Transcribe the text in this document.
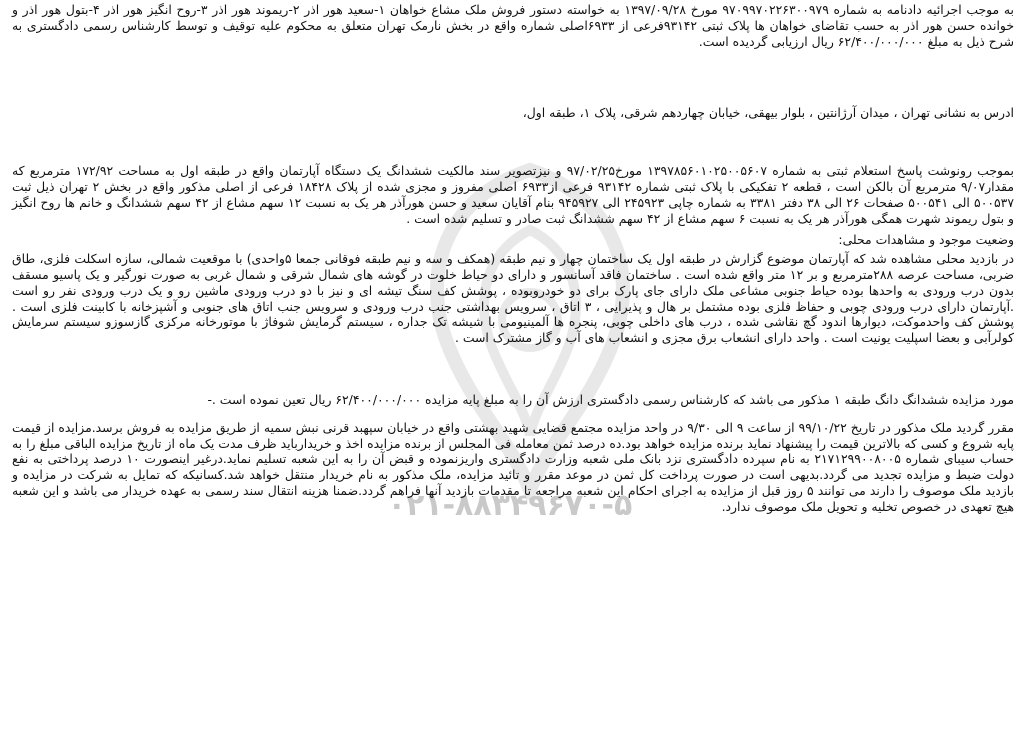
۰۲۱-۸۸۳۴۹۶۷۰-۵

به موجب اجرائیه دادنامه به شماره ۹۷۰۹۹۷۰۲۲۶۳۰۰۹۷۹ مورخ ۱۳۹۷/۰۹/۲۸ به خواسته دستور فروش ملک مشاع خواهان ۱-سعید هور اذر ۲-ریموند هور اذر ۳-روح انگیز هور اذر ۴-بتول هور اذر و خوانده حسن هور اذر به حسب تقاضای خواهان ها پلاک ثبتی ۹۳۱۴۲فرعی از ۶۹۳۳اصلی شماره واقع در بخش نارمک تهران متعلق به محکوم علیه توقیف و توسط کارشناس رسمی دادگستری به شرح ذیل به مبلغ ۶۲/۴۰۰/۰۰۰/۰۰۰ ریال ارزیابی گردیده است.

ادرس به نشانی تهران ، میدان آرژانتین ، بلوار بیهقی، خیابان چهاردهم شرقی، پلاک ۱، طبقه اول،

بموجب رونوشت پاسخ استعلام ثبتی به شماره ۱۳۹۷۸۵۶۰۱۰۲۵۰۰۵۶۰۷ مورخ۹۷/۰۲/۲۵ و نیزتصویر سند مالکیت ششدانگ یک دستگاه آپارتمان واقع در طبقه اول به مساحت ۱۷۲/۹۲ مترمربع که مقدار۹/۰۷ مترمربع آن بالکن است ، قطعه ۲ تفکیکی با پلاک ثبتی شماره ۹۳۱۴۲ فرعی از۶۹۳۳ اصلی مفروز و مجزی شده از پلاک ۱۸۴۲۸ فرعی از اصلی مذکور واقع در بخش ۲ تهران ذیل ثبت ۵۰۰۵۳۷ الی ۵۰۰۵۴۱ صفحات ۲۶ الی ۳۸ دفتر ۳۳۸۱ به شماره چاپی ۲۴۵۹۲۳ الی ۹۴۵۹۲۷ بنام آقایان سعید و حسن هورآذر هر یک به نسبت ۱۲ سهم مشاع از ۴۲ سهم ششدانگ و خانم ها روح انگیز و بتول ریموند شهرت همگی هورآذر هر یک به نسبت ۶ سهم مشاع از ۴۲ سهم ششدانگ ثبت صادر و تسلیم شده است .

وضعیت موجود و مشاهدات محلی:

در بازدید محلی مشاهده شد که آپارتمان موضوع گزارش در طبقه اول یک ساختمان چهار و نیم طبقه (همکف و سه و نیم طبقه فوقانی جمعا ۵واحدی) با موقعیت شمالی، سازه اسکلت فلزی، طاق ضربی، مساحت عرصه ۲۸۸مترمربع و بر ۱۲ متر واقع شده است . ساختمان فاقد آسانسور و دارای دو حیاط خلوت در گوشه های شمال شرقی و شمال غربی به صورت نورگیر و یک پاسیو مسقف بدون درب ورودی به واحدها بوده حیاط جنوبی مشاعی ملک دارای جای پارک برای دو خودروبوده ، پوشش کف سنگ تیشه ای و نیز با دو درب ورودی ماشین رو و یک درب ورودی نفر رو است .آپارتمان دارای درب ورودی چوبی و حفاظ فلزی بوده مشتمل بر هال و پذیرایی ، ۳ اتاق ، سرویس بهداشتی جنب درب ورودی و سرویس جنب اتاق های جنوبی و آشپزخانه با کابینت فلزی است . پوشش کف واحدموکت، دیوارها اندود گچ نقاشی شده ، درب های داخلی چوبی، پنجره ها آلمینیومی با شیشه تک جداره ، سیستم گرمایش شوفاژ با موتورخانه مرکزی گازسوزو سیستم سرمایش کولرآبی و بعضا اسپلیت یونیت است . واحد دارای انشعاب برق مجزی و انشعاب های آب و گاز مشترک است .

مورد مزایده ششدانگ دانگ طبقه ۱ مذکور می باشد که کارشناس رسمی دادگستری ارزش آن را به مبلغ پایه مزایده ۶۲/۴۰۰/۰۰۰/۰۰۰ ریال تعین نموده است .-

مقرر گردید ملک مذکور در تاریخ ۹۹/۱۰/۲۲ از ساعت ۹ الی ۹/۳۰ در واحد مزایده مجتمع قضایی شهید بهشتی واقع در خیابان سپهبد قرنی نبش سمیه از طریق مزایده به فروش برسد.مزایده از قیمت پایه شروع و کسی که بالاترین قیمت را پیشنهاد نماید برنده مزایده خواهد بود.ده درصد ثمن معامله فی المجلس از برنده مزایده اخذ و خریدارباید ظرف مدت یک ماه از تاریخ مزایده الباقی مبلغ را به حساب سیبای شماره ۲۱۷۱۲۹۹۰۰۸۰۰۵ به نام سپرده دادگستری نزد بانک ملی شعبه وزارت دادگستری واریزنموده و قبض آن را به این شعبه تسلیم نماید.درغیر اینصورت ۱۰ درصد پرداختی به نفع دولت ضبط و مزایده تجدید می گردد.بدیهی است در صورت پرداخت کل ثمن در موعد مقرر و تائید مزایده، ملک مذکور به نام خریدار منتقل خواهد شد.کسانیکه که تمایل به شرکت در مزایده و بازدید ملک موصوف را دارند می توانند ۵ روز قبل از مزایده به اجرای احکام این شعبه مراجعه تا مقدمات بازدید آنها فراهم گردد.ضمنا هزینه انتقال سند رسمی به عهده خریدار می باشد و این شعبه هیچ تعهدی در خصوص تخلیه و تحویل ملک موصوف ندارد.
